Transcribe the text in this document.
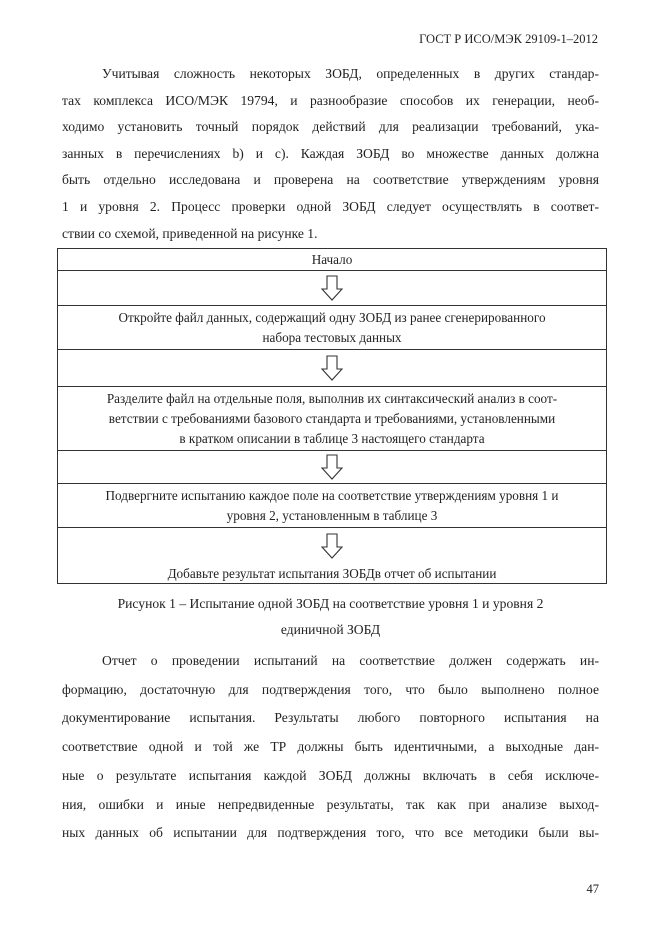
ГОСТ Р ИСО/МЭК 29109-1–2012
Учитывая сложность некоторых ЗОБД, определенных в других стандар-
тах комплекса ИСО/МЭК 19794, и разнообразие способов их генерации, необ-
ходимо установить точный порядок действий для реализации требований, ука-
занных в перечислениях b) и с). Каждая ЗОБД во множестве данных должна
быть отдельно исследована и проверена на соответствие утверждениям уровня
1 и уровня 2. Процесс проверки одной ЗОБД следует осуществлять в соответ-
ствии со схемой, приведенной на рисунке 1.
Начало
Откройте файл данных, содержащий одну ЗОБД из ранее сгенерированного
набора тестовых данных
Разделите файл на отдельные поля, выполнив их синтаксический анализ в соот-
ветствии с требованиями базового стандарта и требованиями, установленными
в кратком описании в таблице 3 настоящего стандарта
Подвергните испытанию каждое поле на соответствие утверждениям уровня 1 и
уровня 2, установленным в таблице 3
Добавьте результат испытания ЗОБДв отчет об испытании
Рисунок 1 – Испытание одной ЗОБД на соответствие уровня 1 и уровня 2
единичной ЗОБД
Отчет о проведении испытаний на соответствие должен содержать ин-
формацию, достаточную для подтверждения того, что было выполнено полное
документирование испытания. Результаты любого повторного испытания на
соответствие одной и той же ТР должны быть идентичными, а выходные дан-
ные о результате испытания каждой ЗОБД должны включать в себя исключе-
ния, ошибки и иные непредвиденные результаты, так как при анализе выход-
ных данных об испытании для подтверждения того, что все методики были вы-
47
